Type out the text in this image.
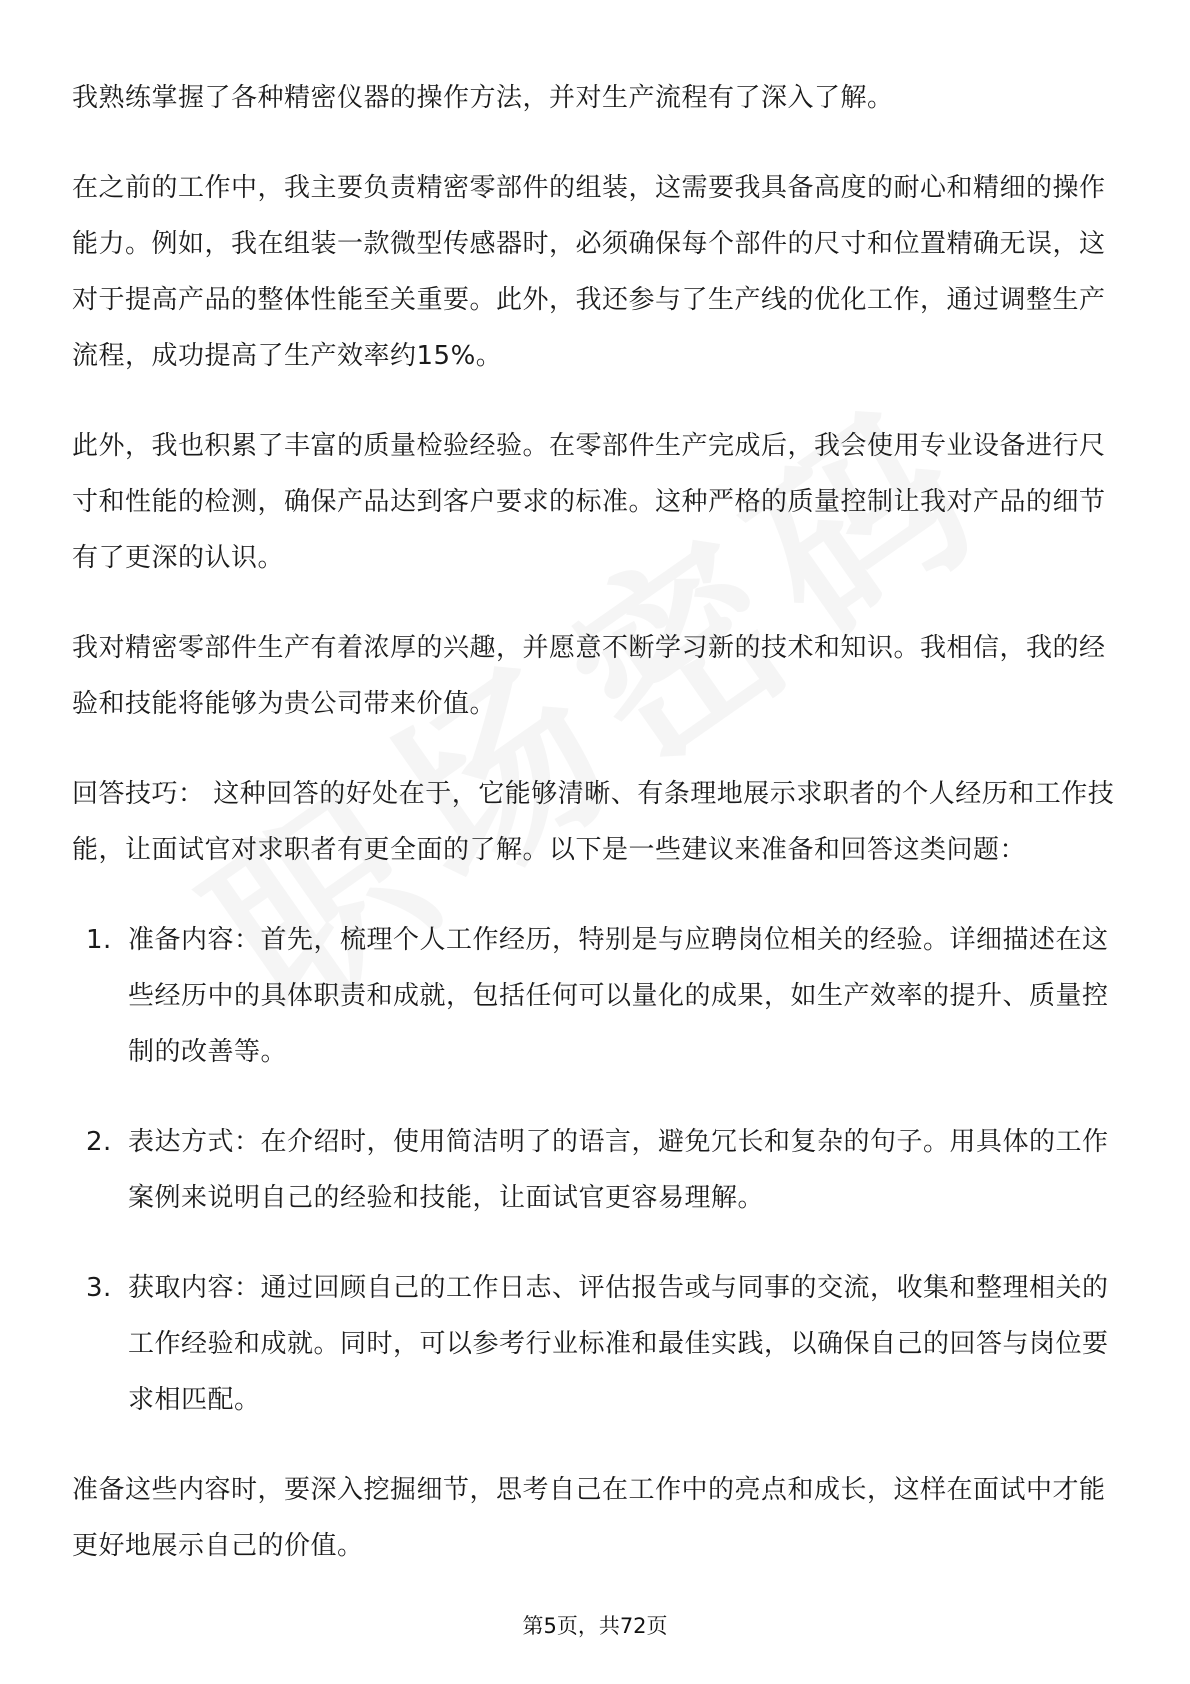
我熟练掌握了各种精密仪器的操作方法，并对生产流程有了深入了解。

在之前的工作中，我主要负责精密零部件的组装，这需要我具备高度的耐心和精细的操作能力。例如，我在组装一款微型传感器时，必须确保每个部件的尺寸和位置精确无误，这对于提高产品的整体性能至关重要。此外，我还参与了生产线的优化工作，通过调整生产流程，成功提高了生产效率约15%。

此外，我也积累了丰富的质量检验经验。在零部件生产完成后，我会使用专业设备进行尺寸和性能的检测，确保产品达到客户要求的标准。这种严格的质量控制让我对产品的细节有了更深的认识。

我对精密零部件生产有着浓厚的兴趣，并愿意不断学习新的技术和知识。我相信，我的经验和技能将能够为贵公司带来价值。

回答技巧： 这种回答的好处在于，它能够清晰、有条理地展示求职者的个人经历和工作技能，让面试官对求职者有更全面的了解。以下是一些建议来准备和回答这类问题：

1. 准备内容：首先，梳理个人工作经历，特别是与应聘岗位相关的经验。详细描述在这些经历中的具体职责和成就，包括任何可以量化的成果，如生产效率的提升、质量控制的改善等。
2. 表达方式：在介绍时，使用简洁明了的语言，避免冗长和复杂的句子。用具体的工作案例来说明自己的经验和技能，让面试官更容易理解。
3. 获取内容：通过回顾自己的工作日志、评估报告或与同事的交流，收集和整理相关的工作经验和成就。同时，可以参考行业标准和最佳实践，以确保自己的回答与岗位要求相匹配。

准备这些内容时，要深入挖掘细节，思考自己在工作中的亮点和成长，这样在面试中才能更好地展示自己的价值。

第5页，共72页
